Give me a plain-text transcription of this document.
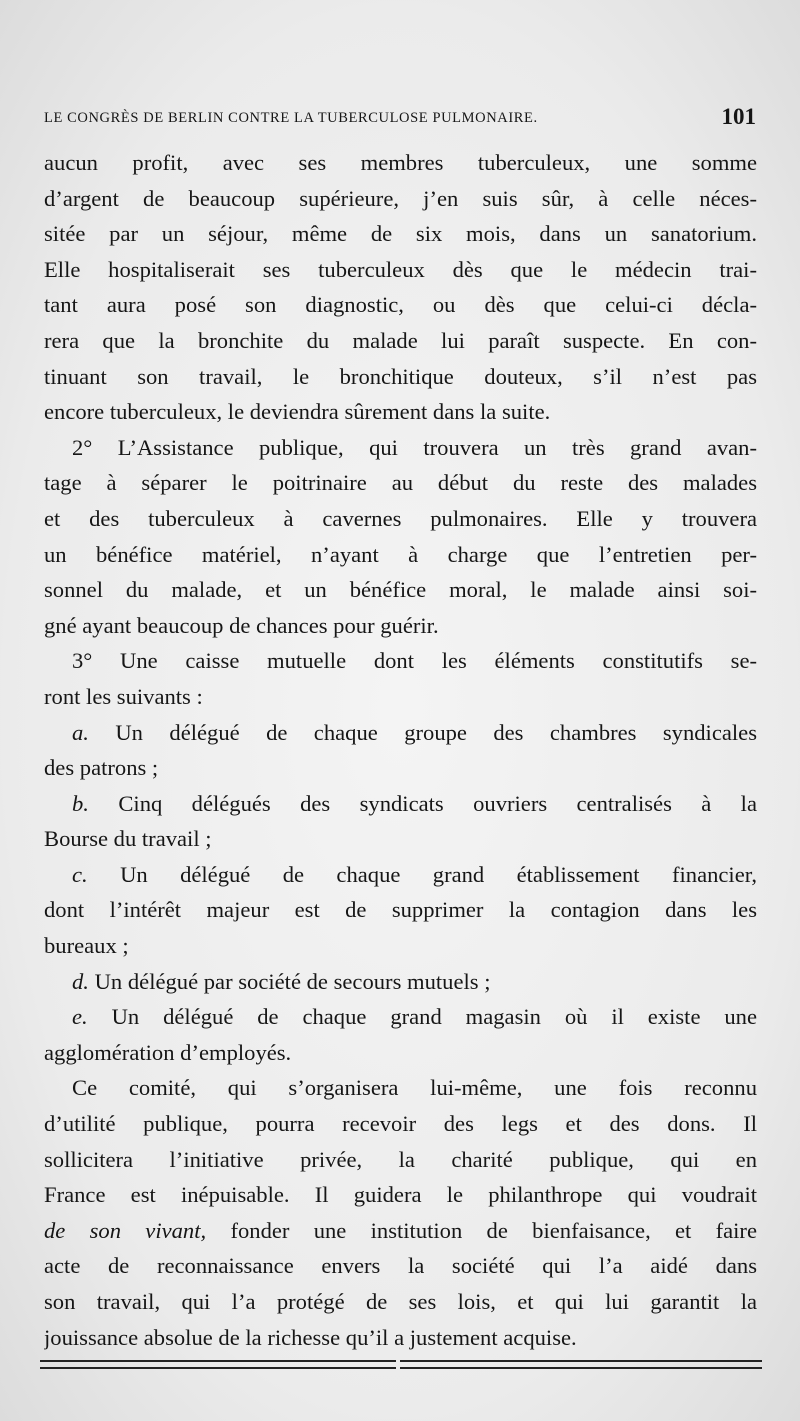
LE CONGRÈS DE BERLIN CONTRE LA TUBERCULOSE PULMONAIRE.	101
aucun profit, avec ses membres tuberculeux, une somme
d’argent de beaucoup supérieure, j’en suis sûr, à celle néces-
sitée par un séjour, même de six mois, dans un sanatorium.
Elle hospitaliserait ses tuberculeux dès que le médecin trai-
tant aura posé son diagnostic, ou dès que celui-ci décla-
rera que la bronchite du malade lui paraît suspecte. En con-
tinuant son travail, le bronchitique douteux, s’il n’est pas
encore tuberculeux, le deviendra sûrement dans la suite.
2° L’Assistance publique, qui trouvera un très grand avan-
tage à séparer le poitrinaire au début du reste des malades
et des tuberculeux à cavernes pulmonaires. Elle y trouvera
un bénéfice matériel, n’ayant à charge que l’entretien per-
sonnel du malade, et un bénéfice moral, le malade ainsi soi-
gné ayant beaucoup de chances pour guérir.
3° Une caisse mutuelle dont les éléments constitutifs se-
ront les suivants :
a. Un délégué de chaque groupe des chambres syndicales
des patrons ;
b. Cinq délégués des syndicats ouvriers centralisés à la
Bourse du travail ;
c. Un délégué de chaque grand établissement financier,
dont l’intérêt majeur est de supprimer la contagion dans les
bureaux ;
d. Un délégué par société de secours mutuels ;
e. Un délégué de chaque grand magasin où il existe une
agglomération d’employés.
Ce comité, qui s’organisera lui-même, une fois reconnu
d’utilité publique, pourra recevoir des legs et des dons. Il
sollicitera l’initiative privée, la charité publique, qui en
France est inépuisable. Il guidera le philanthrope qui voudrait
de son vivant, fonder une institution de bienfaisance, et faire
acte de reconnaissance envers la société qui l’a aidé dans
son travail, qui l’a protégé de ses lois, et qui lui garantit la
jouissance absolue de la richesse qu’il a justement acquise.
